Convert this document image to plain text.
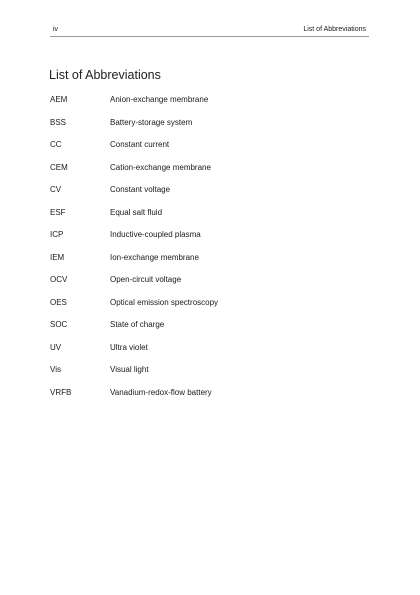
iv	List of Abbreviations
List of Abbreviations
AEM	Anion-exchange membrane
BSS	Battery-storage system
CC	Constant current
CEM	Cation-exchange membrane
CV	Constant voltage
ESF	Equal salt fluid
ICP	Inductive-coupled plasma
IEM	Ion-exchange membrane
OCV	Open-circuit voltage
OES	Optical emission spectroscopy
SOC	State of charge
UV	Ultra violet
Vis	Visual light
VRFB	Vanadium-redox-flow battery
